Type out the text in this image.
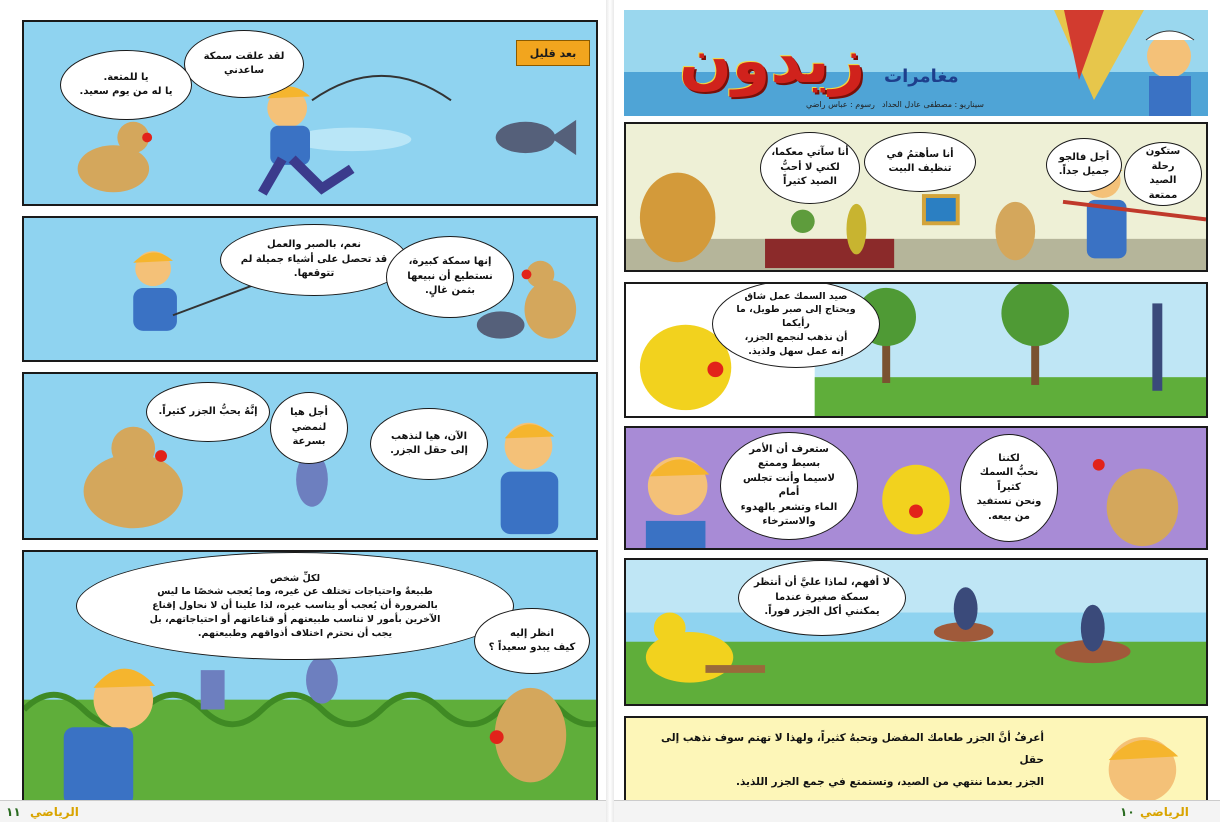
بعد قليل
لقد علقت سمكة
ساعدني
يا للمتعة.
يا له من يوم سعيد.
نعم، بالصبر والعمل
قد تحصل على أشياء جميلة لم
تتوقعها.
إنها سمكة كبيرة،
نستطيع أن نبيعها
بثمن غالٍ.
إنَّهُ يحبُّ الجزر كثيراً.	أجل هيا
لنمضي
بسرعة
الآن، هيا لنذهب
إلى حقل الجزر.
لكلِّ شخص
طبيعةٌ واحتياجات تختلف عن غيره، وما يُعجب شخصًا ما ليس
بالضرورة أن يُعجب أو يناسب غيره، لذا علينا أن لا نحاول إقناع
الآخرين بأمور لا تناسب طبيعتهم أو قناعاتهم أو احتياجاتهم، بل
يجب أن نحترم اختلاف أذواقهم وطبيعتهم.	انظر إليه
كيف يبدو سعيداً ؟
الرياضي
١١
زيدون مغامرات
سيناريو : مصطفى عادل الحداد
رسوم : عباس راضي
ستكون رحلة
الصيد ممتعة
أجل فالجو
جميل جداً.
أنا سأهتمُ في
تنظيف البيت
أنا سآتي معكما،
لكني لا أحبُّ
الصيد كثيراً
صيد السمك عمل شاق
ويحتاج إلى صبر طويل، ما رأيكما
أن نذهب لنجمع الجزر،
إنه عمل سهل ولذيذ.
ستعرف أن الأمر
بسيط وممتع
لاسيما وأنت تجلس أمام
الماء وتشعر بالهدوء
والاسترخاء
لكننا
نحبُّ السمك
كثيراً
ونحن نستفيد
من بيعه.
لا أفهم، لماذا عليَّ أن أنتظر
سمكة صغيرة عندما
يمكنني أكل الجزر فوراً.
أعرفُ أنَّ الجزر طعامك المفضل وتحبهُ كثيراً، ولهذا لا تهتم سوف نذهب إلى حقل
الجزر بعدما ننتهي من الصيد، وتستمتع في جمع الجزر اللذيذ.
الرياضي
١٠
